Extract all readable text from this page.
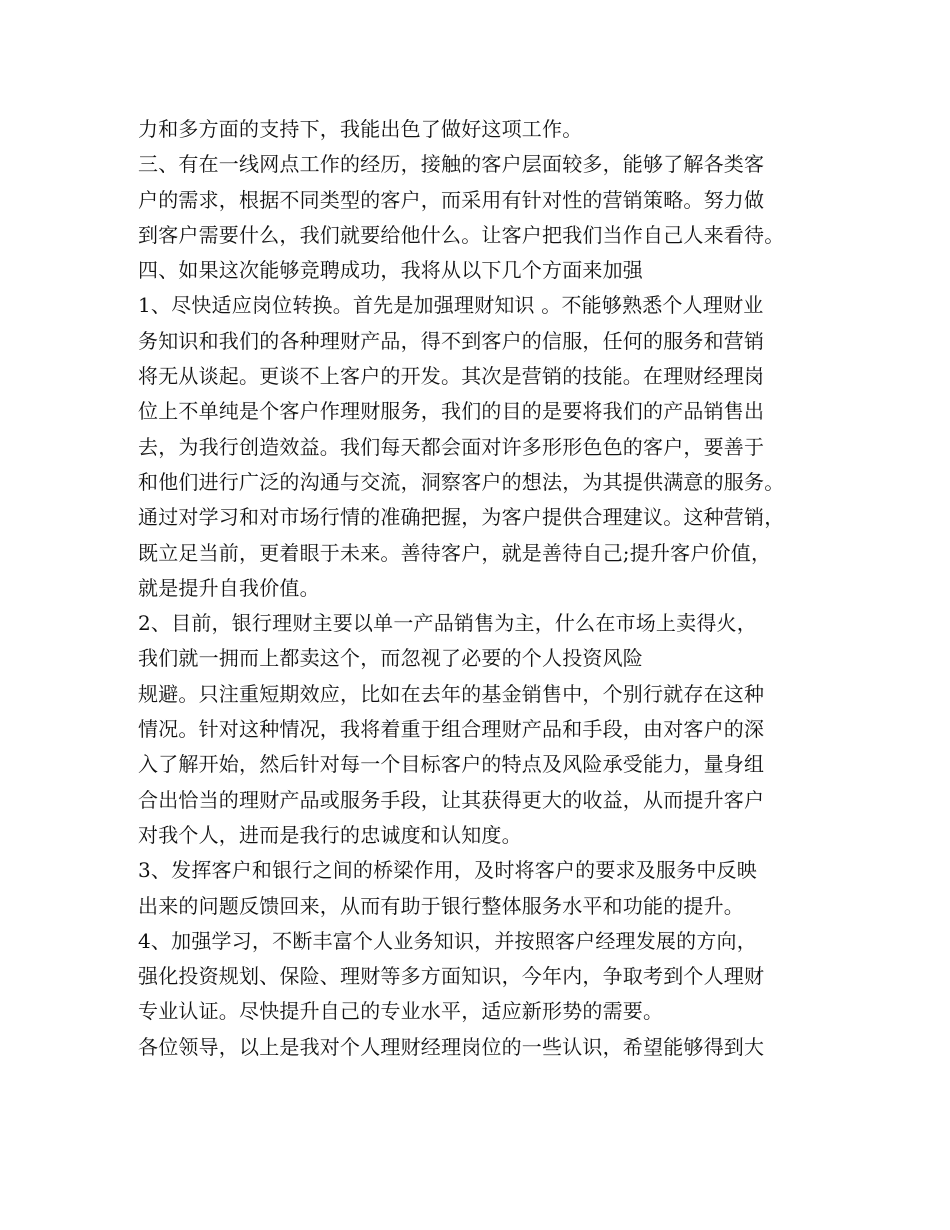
力和多方面的支持下，我能出色了做好这项工作。
三、有在一线网点工作的经历，接触的客户层面较多，能够了解各类客
户的需求，根据不同类型的客户，而采用有针对性的营销策略。努力做
到客户需要什么，我们就要给他什么。让客户把我们当作自己人来看待。
四、如果这次能够竞聘成功，我将从以下几个方面来加强
1、尽快适应岗位转换。首先是加强理财知识 。不能够熟悉个人理财业
务知识和我们的各种理财产品，得不到客户的信服，任何的服务和营销
将无从谈起。更谈不上客户的开发。其次是营销的技能。在理财经理岗
位上不单纯是个客户作理财服务，我们的目的是要将我们的产品销售出
去，为我行创造效益。我们每天都会面对许多形形色色的客户，要善于
和他们进行广泛的沟通与交流，洞察客户的想法，为其提供满意的服务。
通过对学习和对市场行情的准确把握，为客户提供合理建议。这种营销，
既立足当前，更着眼于未来。善待客户，就是善待自己;提升客户价值，
就是提升自我价值。
2、目前，银行理财主要以单一产品销售为主，什么在市场上卖得火，
我们就一拥而上都卖这个，而忽视了必要的个人投资风险
规避。只注重短期效应，比如在去年的基金销售中，个别行就存在这种
情况。针对这种情况，我将着重于组合理财产品和手段，由对客户的深
入了解开始，然后针对每一个目标客户的特点及风险承受能力，量身组
合出恰当的理财产品或服务手段，让其获得更大的收益，从而提升客户
对我个人，进而是我行的忠诚度和认知度。
3、发挥客户和银行之间的桥梁作用，及时将客户的要求及服务中反映
出来的问题反馈回来，从而有助于银行整体服务水平和功能的提升。
4、加强学习，不断丰富个人业务知识，并按照客户经理发展的方向，
强化投资规划、保险、理财等多方面知识，今年内，争取考到个人理财
专业认证。尽快提升自己的专业水平，适应新形势的需要。
各位领导，以上是我对个人理财经理岗位的一些认识，希望能够得到大
